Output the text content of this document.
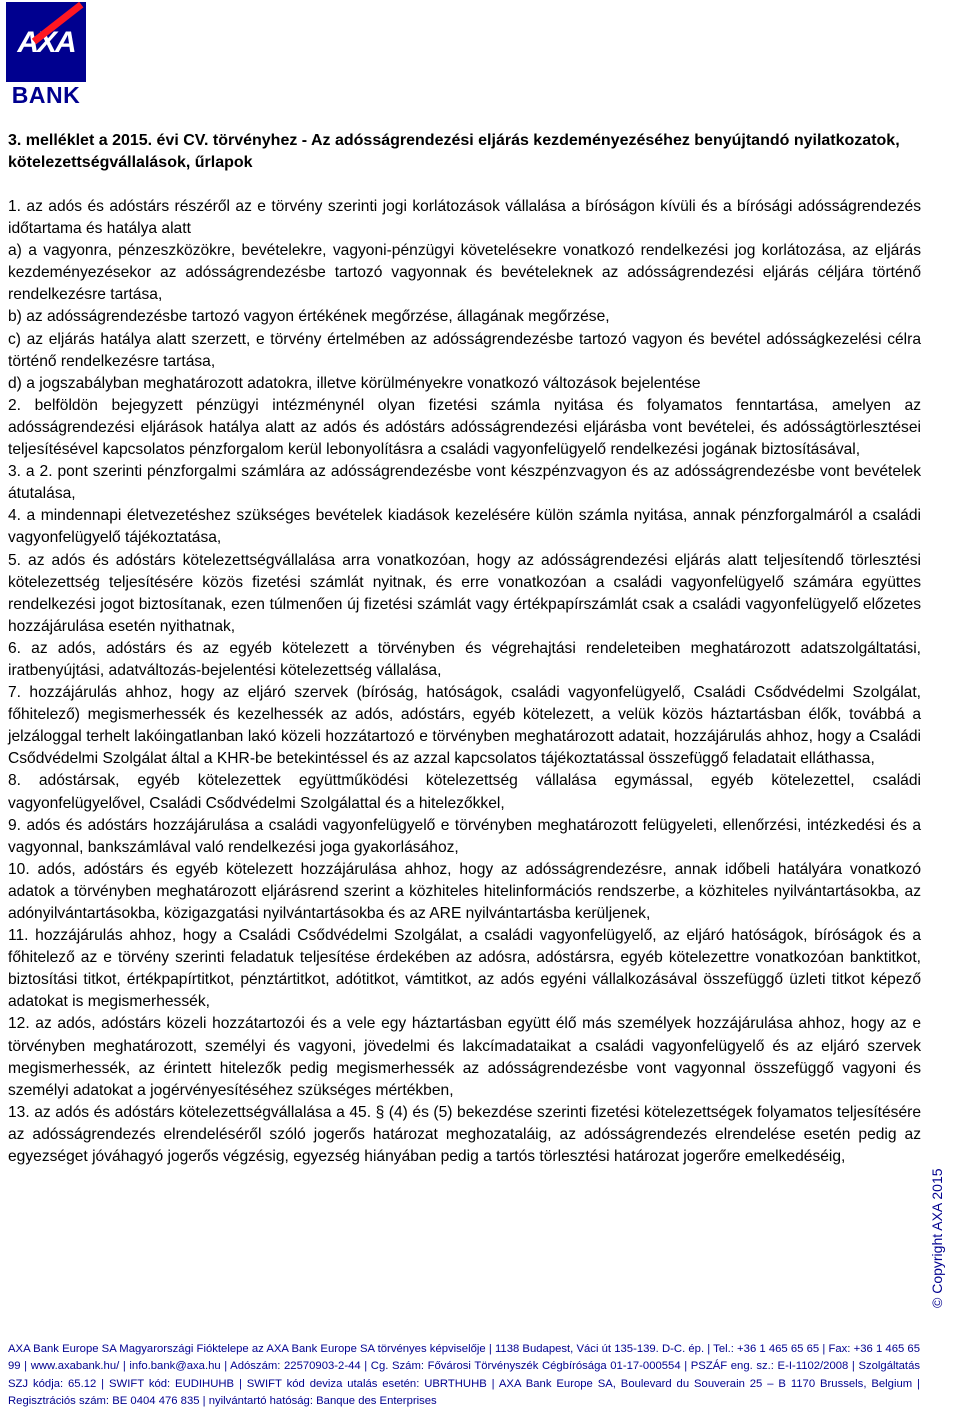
AXA
BANK
3. melléklet a 2015. évi CV. törvényhez - Az adósságrendezési eljárás kezdeményezéséhez benyújtandó nyilatkozatok, kötelezettségvállalások, űrlapok

1. az adós és adóstárs részéről az e törvény szerinti jogi korlátozások vállalása a bíróságon kívüli és a bírósági adósságrendezés időtartama és hatálya alatt

a) a vagyonra, pénzeszközökre, bevételekre, vagyoni-pénzügyi követelésekre vonatkozó rendelkezési jog korlátozása, az eljárás kezdeményezésekor az adósságrendezésbe tartozó vagyonnak és bevételeknek az adósságrendezési eljárás céljára történő rendelkezésre tartása,

b) az adósságrendezésbe tartozó vagyon értékének megőrzése, állagának megőrzése,

c) az eljárás hatálya alatt szerzett, e törvény értelmében az adósságrendezésbe tartozó vagyon és bevétel adósságkezelési célra történő rendelkezésre tartása,

d) a jogszabályban meghatározott adatokra, illetve körülményekre vonatkozó változások bejelentése

2. belföldön bejegyzett pénzügyi intézménynél olyan fizetési számla nyitása és folyamatos fenntartása, amelyen az adósságrendezési eljárások hatálya alatt az adós és adóstárs adósságrendezési eljárásba vont bevételei, és adósságtörlesztései teljesítésével kapcsolatos pénzforgalom kerül lebonyolításra a családi vagyonfelügyelő rendelkezési jogának biztosításával,

3. a 2. pont szerinti pénzforgalmi számlára az adósságrendezésbe vont készpénzvagyon és az adósságrendezésbe vont bevételek átutalása,

4. a mindennapi életvezetéshez szükséges bevételek kiadások kezelésére külön számla nyitása, annak pénzforgalmáról a családi vagyonfelügyelő tájékoztatása,

5. az adós és adóstárs kötelezettségvállalása arra vonatkozóan, hogy az adósságrendezési eljárás alatt teljesítendő törlesztési kötelezettség teljesítésére közös fizetési számlát nyitnak, és erre vonatkozóan a családi vagyonfelügyelő számára együttes rendelkezési jogot biztosítanak, ezen túlmenően új fizetési számlát vagy értékpapírszámlát csak a családi vagyonfelügyelő előzetes hozzájárulása esetén nyithatnak,

6. az adós, adóstárs és az egyéb kötelezett a törvényben és végrehajtási rendeleteiben meghatározott adatszolgáltatási, iratbenyújtási, adatváltozás-bejelentési kötelezettség vállalása,

7. hozzájárulás ahhoz, hogy az eljáró szervek (bíróság, hatóságok, családi vagyonfelügyelő, Családi Csődvédelmi Szolgálat, főhitelező) megismerhessék és kezelhessék az adós, adóstárs, egyéb kötelezett, a velük közös háztartásban élők, továbbá a jelzáloggal terhelt lakóingatlanban lakó közeli hozzátartozó e törvényben meghatározott adatait, hozzájárulás ahhoz, hogy a Családi Csődvédelmi Szolgálat által a KHR-be betekintéssel és az azzal kapcsolatos tájékoztatással összefüggő feladatait elláthassa,

8. adóstársak, egyéb kötelezettek együttműködési kötelezettség vállalása egymással, egyéb kötelezettel, családi vagyonfelügyelővel, Családi Csődvédelmi Szolgálattal és a hitelezőkkel,

9. adós és adóstárs hozzájárulása a családi vagyonfelügyelő e törvényben meghatározott felügyeleti, ellenőrzési, intézkedési és a vagyonnal, bankszámlával való rendelkezési joga gyakorlásához,

10. adós, adóstárs és egyéb kötelezett hozzájárulása ahhoz, hogy az adósságrendezésre, annak időbeli hatályára vonatkozó adatok a törvényben meghatározott eljárásrend szerint a közhiteles hitelinformációs rendszerbe, a közhiteles nyilvántartásokba, az adónyilvántartásokba, közigazgatási nyilvántartásokba és az ARE nyilvántartásba kerüljenek,

11. hozzájárulás ahhoz, hogy a Családi Csődvédelmi Szolgálat, a családi vagyonfelügyelő, az eljáró hatóságok, bíróságok és a főhitelező az e törvény szerinti feladatuk teljesítése érdekében az adósra, adóstársra, egyéb kötelezettre vonatkozóan banktitkot, biztosítási titkot, értékpapírtitkot, pénztártitkot, adótitkot, vámtitkot, az adós egyéni vállalkozásával összefüggő üzleti titkot képező adatokat is megismerhessék,

12. az adós, adóstárs közeli hozzátartozói és a vele egy háztartásban együtt élő más személyek hozzájárulása ahhoz, hogy az e törvényben meghatározott, személyi és vagyoni, jövedelmi és lakcímadataikat a családi vagyonfelügyelő és az eljáró szervek megismerhessék, az érintett hitelezők pedig megismerhessék az adósságrendezésbe vont vagyonnal összefüggő vagyoni és személyi adatokat a jogérvényesítéséhez szükséges mértékben,

13. az adós és adóstárs kötelezettségvállalása a 45. § (4) és (5) bekezdése szerinti fizetési kötelezettségek folyamatos teljesítésére az adósságrendezés elrendeléséről szóló jogerős határozat meghozataláig, az adósságrendezés elrendelése esetén pedig az egyezséget jóváhagyó jogerős végzésig, egyezség hiányában pedig a tartós törlesztési határozat jogerőre emelkedéséig,

© Copyright AXA 2015

AXA Bank Europe SA Magyarországi Fióktelepe az AXA Bank Europe SA törvényes képviselője | 1138 Budapest, Váci út 135-139. D-C. ép. | Tel.: +36 1 465 65 65 | Fax: +36 1 465 65 99 | www.axabank.hu/ | info.bank@axa.hu | Adószám: 22570903-2-44 | Cg. Szám: Fővárosi Törvényszék Cégbírósága 01-17-000554 | PSZÁF eng. sz.: E-I-1102/2008 | Szolgáltatás SZJ kódja: 65.12 | SWIFT kód: EUDIHUHB | SWIFT kód deviza utalás esetén: UBRTHUHB | AXA Bank Europe SA, Boulevard du Souverain 25 – B 1170 Brussels, Belgium | Regisztrációs szám: BE 0404 476 835 | nyilvántartó hatóság: Banque des Enterprises
